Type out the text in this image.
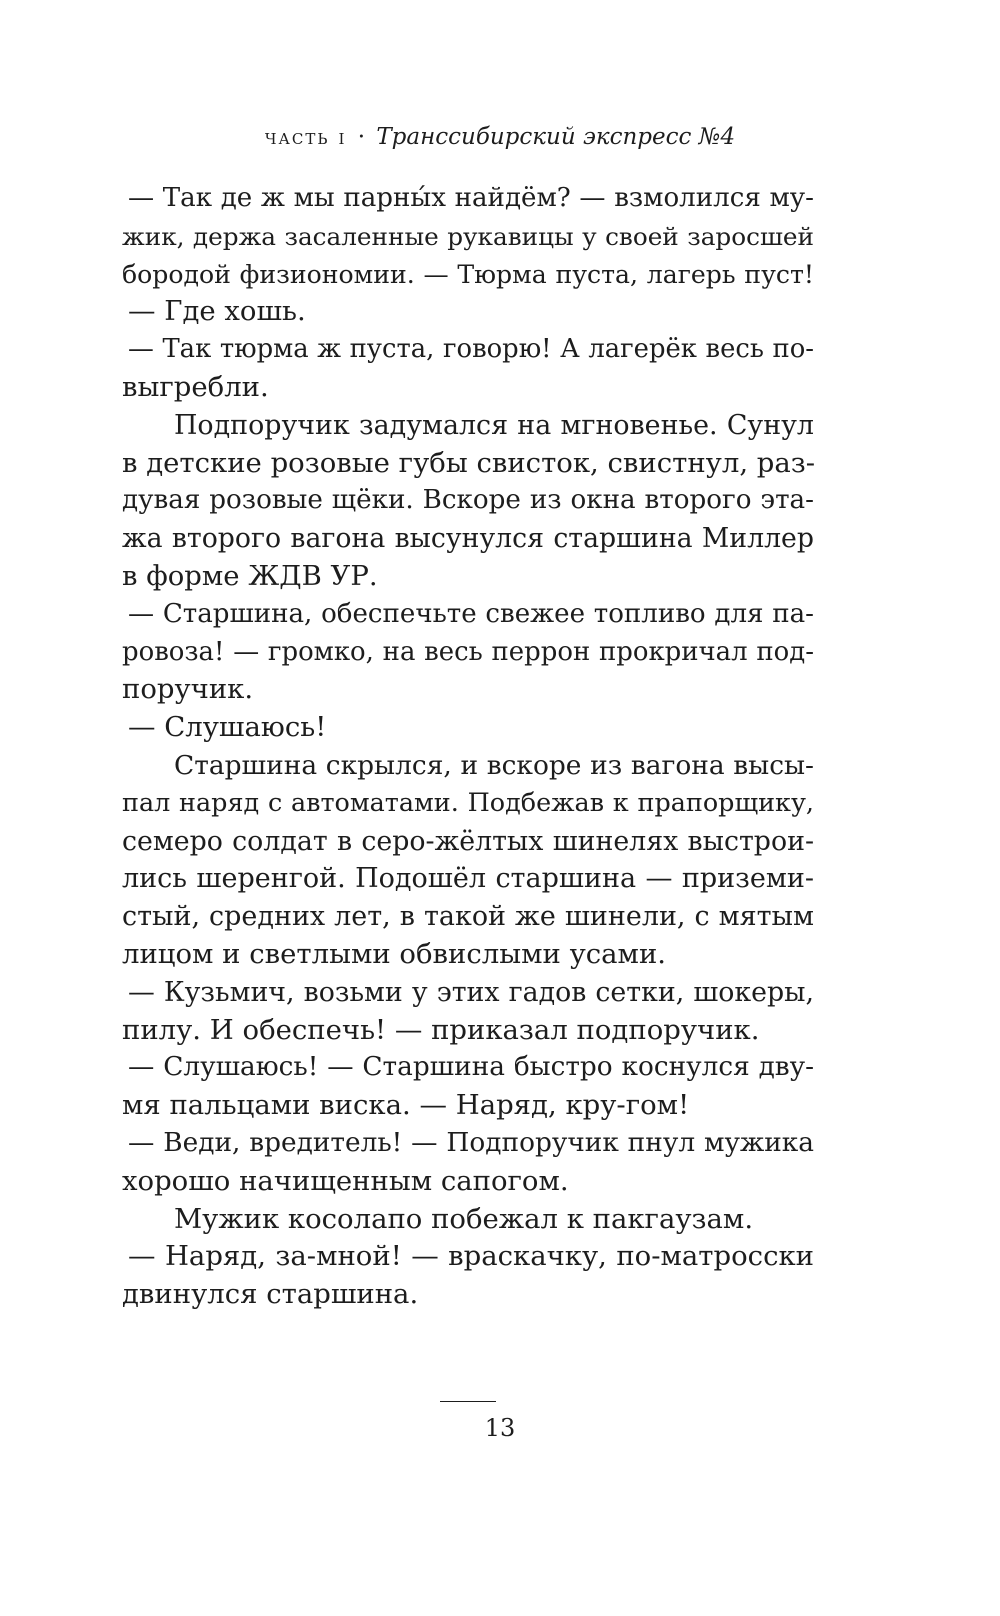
часть i · Транссибирский экспресс №4
— Так де ж мы парны́х найдём? — взмолился му-
жик, держа засаленные рукавицы у своей заросшей
бородой физиономии. — Тюрма пуста, лагерь пуст!
— Где хошь.
— Так тюрма ж пуста, говорю! А лагерёк весь по-
выгребли.
Подпоручик задумался на мгновенье. Сунул
в детские розовые губы свисток, свистнул, раз-
дувая розовые щёки. Вскоре из окна второго эта-
жа второго вагона высунулся старшина Миллер
в форме ЖДВ УР.
— Старшина, обеспечьте свежее топливо для па-
ровоза! — громко, на весь перрон прокричал под-
поручик.
— Слушаюсь!
Старшина скрылся, и вскоре из вагона высы-
пал наряд с автоматами. Подбежав к прапорщику,
семеро солдат в серо-жёлтых шинелях выстрои-
лись шеренгой. Подошёл старшина — приземи-
стый, средних лет, в такой же шинели, с мятым
лицом и светлыми обвислыми усами.
— Кузьмич, возьми у этих гадов сетки, шокеры,
пилу. И обеспечь! — приказал подпоручик.
— Слушаюсь! — Старшина быстро коснулся дву-
мя пальцами виска. — Наряд, кру-гом!
— Веди, вредитель! — Подпоручик пнул мужика
хорошо начищенным сапогом.
Мужик косолапо побежал к пакгаузам.
— Наряд, за-мной! — враскачку, по-матросски
двинулся старшина.
13
